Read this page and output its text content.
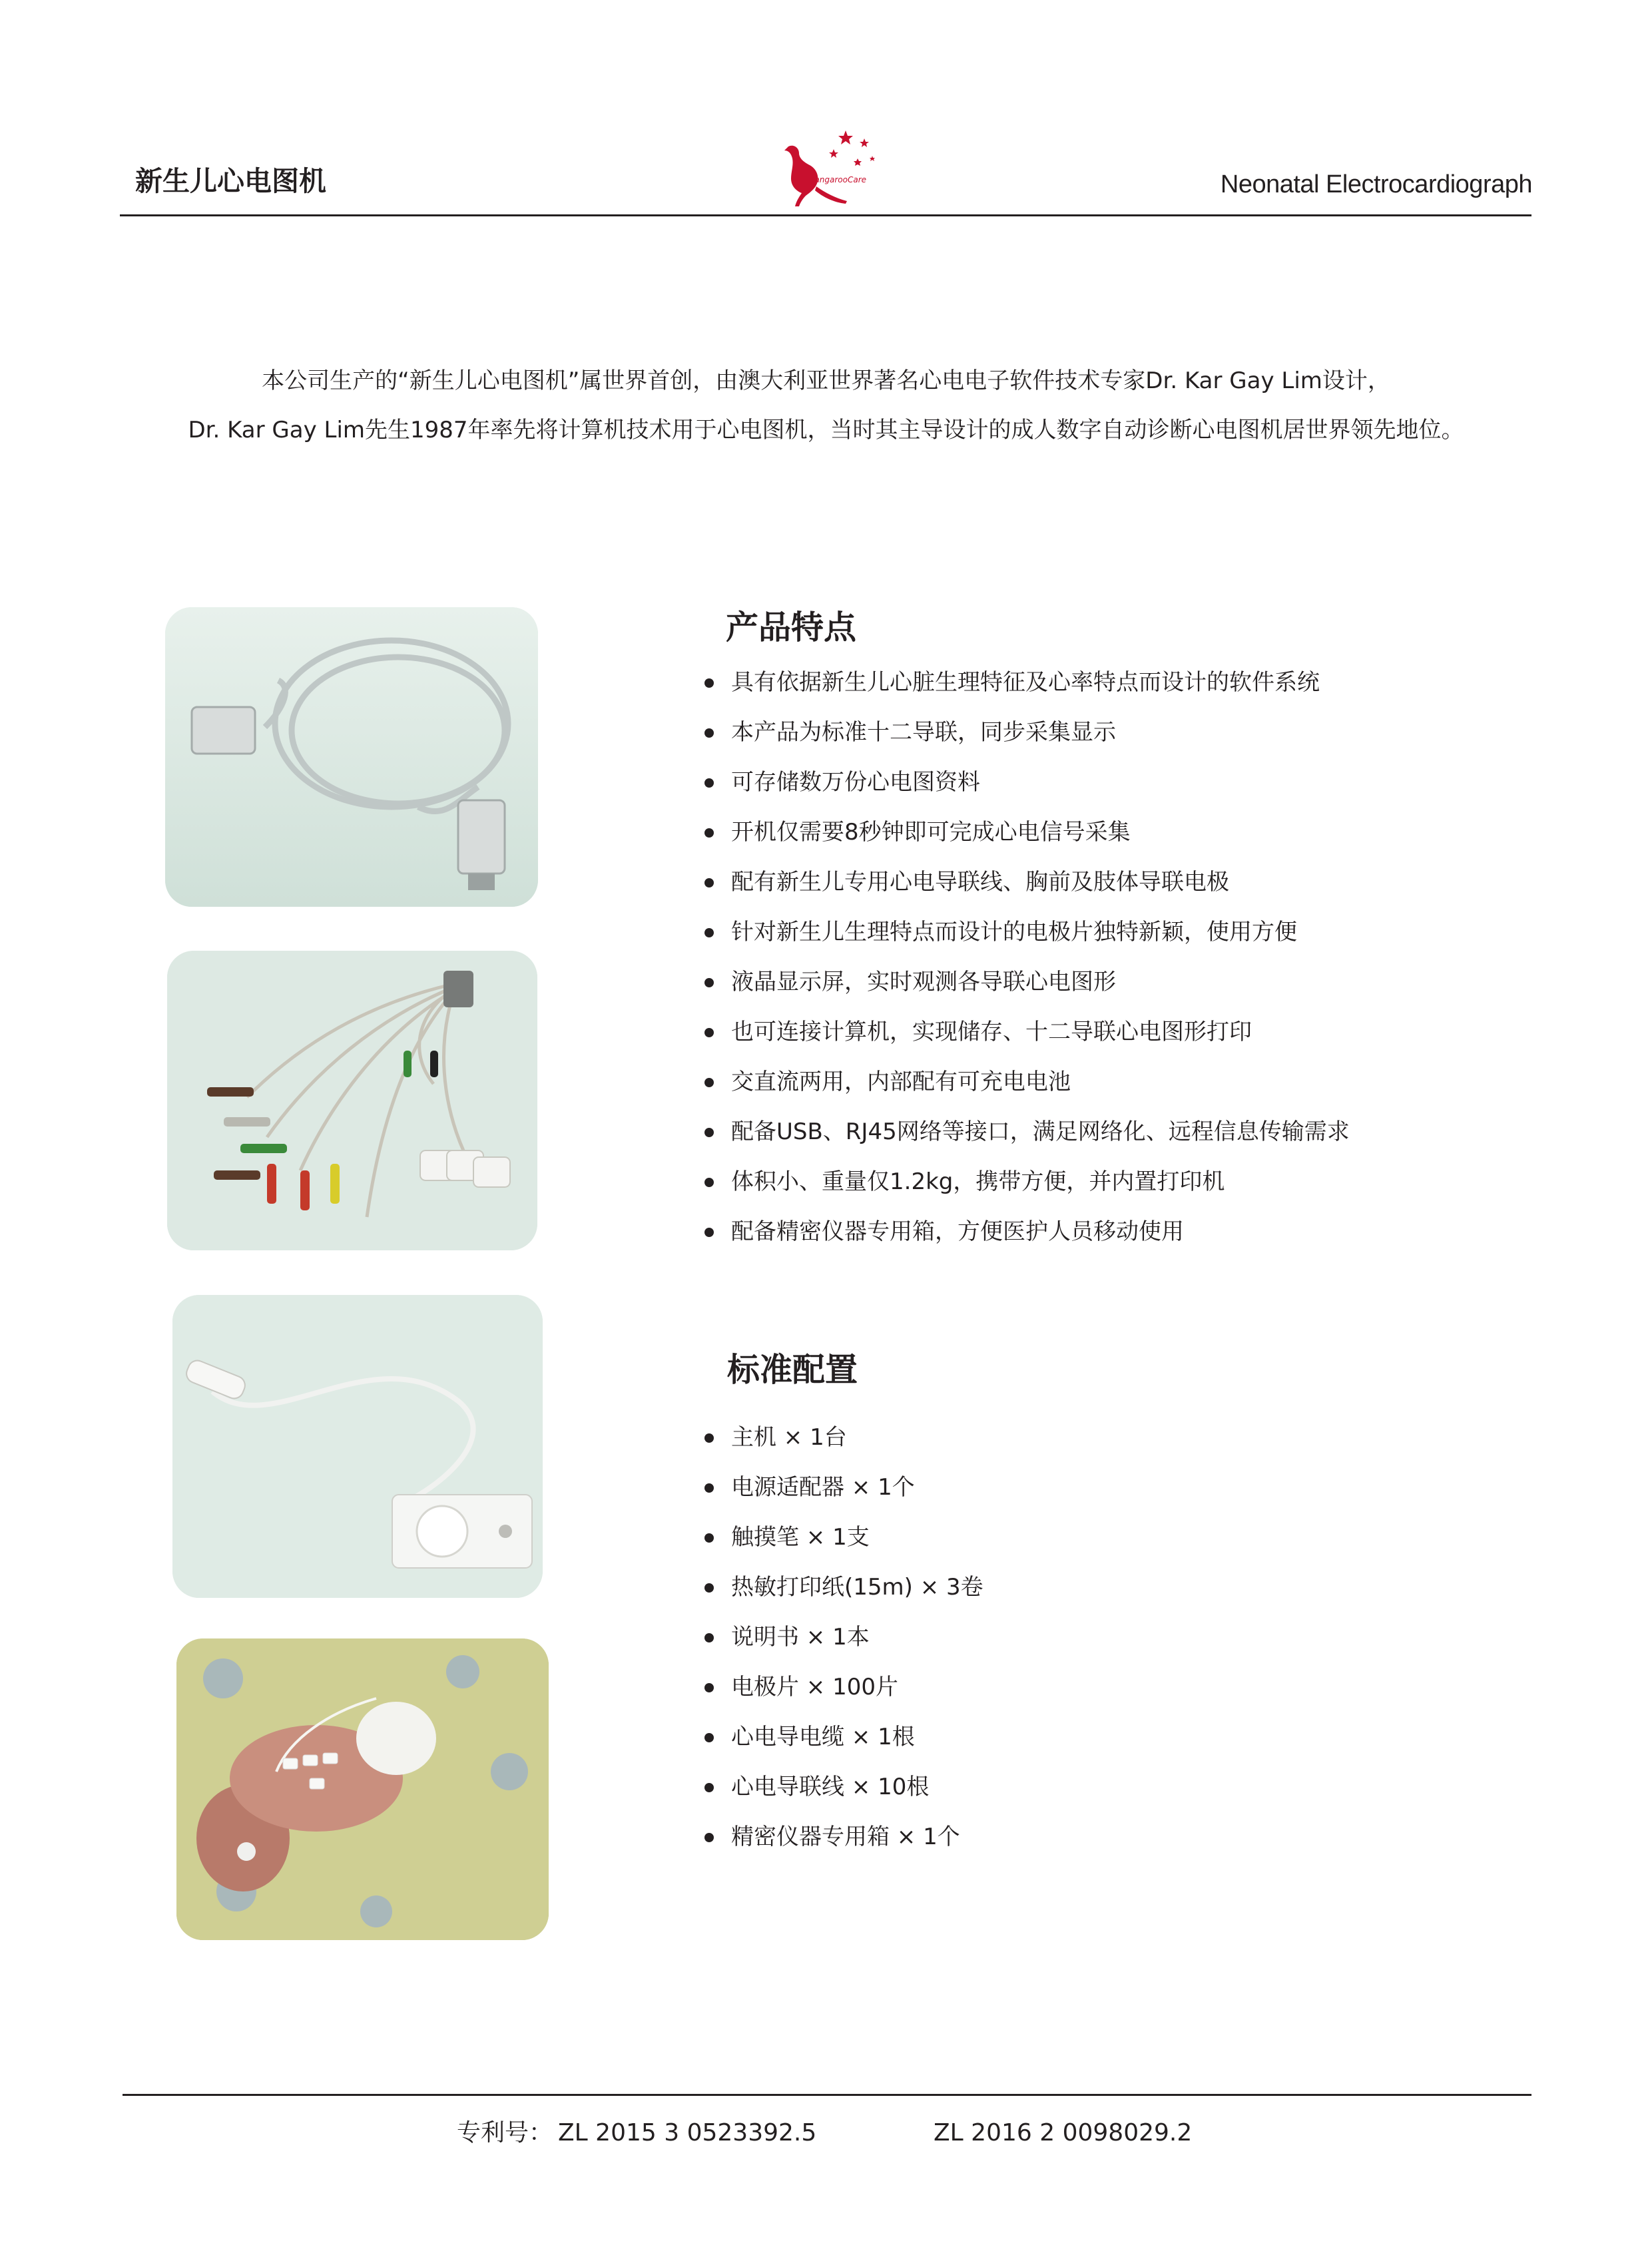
新生儿心电图机	KangarooCare	Neonatal Electrocardiograph
本公司生产的“新生儿心电图机”属世界首创，由澳大利亚世界著名心电电子软件技术专家Dr. Kar Gay Lim设计，
Dr. Kar Gay Lim先生1987年率先将计算机技术用于心电图机，当时其主导设计的成人数字自动诊断心电图机居世界领先地位。
产品特点
具有依据新生儿心脏生理特征及心率特点而设计的软件系统
本产品为标准十二导联，同步采集显示
可存储数万份心电图资料
开机仅需要8秒钟即可完成心电信号采集
配有新生儿专用心电导联线、胸前及肢体导联电极
针对新生儿生理特点而设计的电极片独特新颖，使用方便
液晶显示屏，实时观测各导联心电图形
也可连接计算机，实现储存、十二导联心电图形打印
交直流两用，内部配有可充电电池
配备USB、RJ45网络等接口，满足网络化、远程信息传输需求
体积小、重量仅1.2kg，携带方便，并内置打印机
配备精密仪器专用箱，方便医护人员移动使用
标准配置
主机 × 1台
电源适配器 × 1个
触摸笔 × 1支
热敏打印纸(15m) × 3卷
说明书 × 1本
电极片 × 100片
心电导电缆 × 1根
心电导联线 × 10根
精密仪器专用箱 × 1个
专利号： ZL 2015 3 0523392.5	ZL 2016 2 0098029.2
